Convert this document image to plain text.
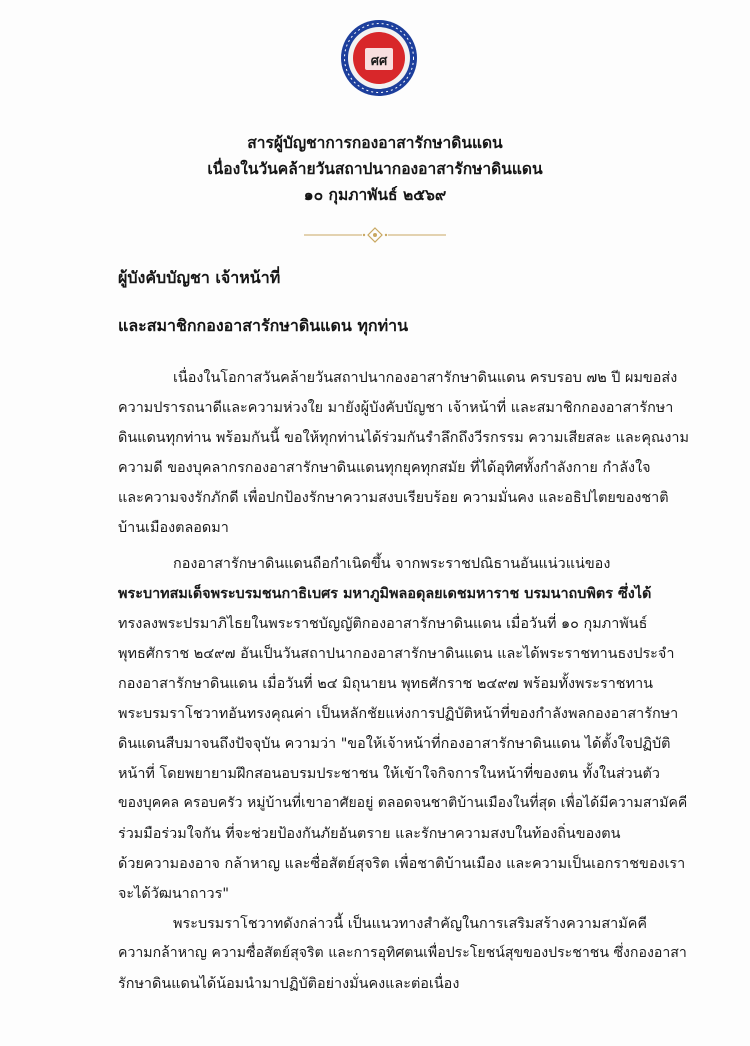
ศศ
สารผู้บัญชาการกองอาสารักษาดินแดน
เนื่องในวันคล้ายวันสถาปนากองอาสารักษาดินแดน
๑๐ กุมภาพันธ์ ๒๕๖๙
ผู้บังคับบัญชา เจ้าหน้าที่
และสมาชิกกองอาสารักษาดินแดน ทุกท่าน
เนื่องในโอกาสวันคล้ายวันสถาปนากองอาสารักษาดินแดน ครบรอบ ๗๒ ปี ผมขอส่ง
ความปรารถนาดีและความห่วงใย มายังผู้บังคับบัญชา เจ้าหน้าที่ และสมาชิกกองอาสารักษา
ดินแดนทุกท่าน พร้อมกันนี้ ขอให้ทุกท่านได้ร่วมกันรำลึกถึงวีรกรรม ความเสียสละ และคุณงาม
ความดี ของบุคลากรกองอาสารักษาดินแดนทุกยุคทุกสมัย ที่ได้อุทิศทั้งกำลังกาย กำลังใจ
และความจงรักภักดี เพื่อปกป้องรักษาความสงบเรียบร้อย ความมั่นคง และอธิปไตยของชาติ
บ้านเมืองตลอดมา
กองอาสารักษาดินแดนถือกำเนิดขึ้น จากพระราชปณิธานอันแน่วแน่ของ
พระบาทสมเด็จพระบรมชนกาธิเบศร มหาภูมิพลอดุลยเดชมหาราช บรมนาถบพิตร ซึ่งได้
ทรงลงพระปรมาภิไธยในพระราชบัญญัติกองอาสารักษาดินแดน เมื่อวันที่ ๑๐ กุมภาพันธ์
พุทธศักราช ๒๔๙๗ อันเป็นวันสถาปนากองอาสารักษาดินแดน และได้พระราชทานธงประจำ
กองอาสารักษาดินแดน เมื่อวันที่ ๒๔ มิถุนายน พุทธศักราช ๒๔๙๗ พร้อมทั้งพระราชทาน
พระบรมราโชวาทอันทรงคุณค่า เป็นหลักชัยแห่งการปฏิบัติหน้าที่ของกำลังพลกองอาสารักษา
ดินแดนสืบมาจนถึงปัจจุบัน ความว่า "ขอให้เจ้าหน้าที่กองอาสารักษาดินแดน ได้ตั้งใจปฏิบัติ
หน้าที่ โดยพยายามฝึกสอนอบรมประชาชน ให้เข้าใจกิจการในหน้าที่ของตน ทั้งในส่วนตัว
ของบุคคล ครอบครัว หมู่บ้านที่เขาอาศัยอยู่ ตลอดจนชาติบ้านเมืองในที่สุด เพื่อได้มีความสามัคคี
ร่วมมือร่วมใจกัน ที่จะช่วยป้องกันภัยอันตราย และรักษาความสงบในท้องถิ่นของตน
ด้วยความองอาจ กล้าหาญ และซื่อสัตย์สุจริต เพื่อชาติบ้านเมือง และความเป็นเอกราชของเรา
จะได้วัฒนาถาวร"
พระบรมราโชวาทดังกล่าวนี้ เป็นแนวทางสำคัญในการเสริมสร้างความสามัคคี
ความกล้าหาญ ความซื่อสัตย์สุจริต และการอุทิศตนเพื่อประโยชน์สุขของประชาชน ซึ่งกองอาสา
รักษาดินแดนได้น้อมนำมาปฏิบัติอย่างมั่นคงและต่อเนื่อง
